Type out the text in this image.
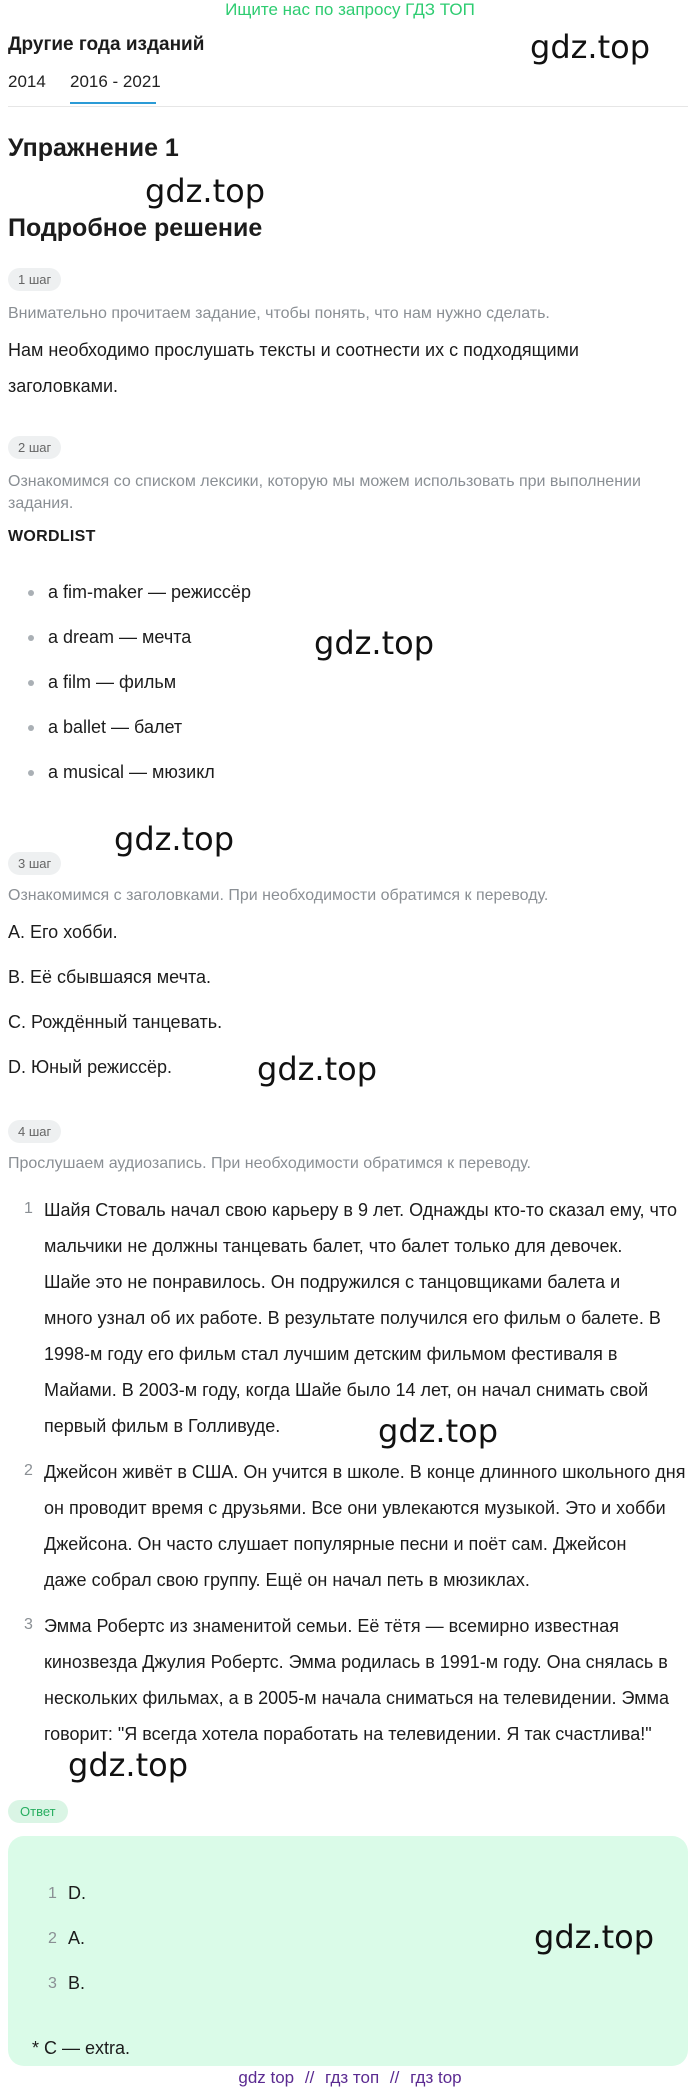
Ищите нас по запросу ГДЗ ТОП
Другие года изданий
2014 2016 - 2021
Упражнение 1
Подробное решение
1 шаг
Внимательно прочитаем задание, чтобы понять, что нам нужно сделать.
Нам необходимо прослушать тексты и соотнести их с подходящими
заголовками.
2 шаг
Ознакомимся со списком лексики, которую мы можем использовать при выполнении
задания.
WORDLIST
a fim-maker — режиссёр
a dream — мечта
a film — фильм
a ballet — балет
a musical — мюзикл
3 шаг
Ознакомимся с заголовками. При необходимости обратимся к переводу.
A. Его хобби.
B. Её сбывшаяся мечта.
C. Рождённый танцевать.
D. Юный режиссёр.
4 шаг
Прослушаем аудиозапись. При необходимости обратимся к переводу.
1 Шайя Стоваль начал свою карьеру в 9 лет. Однажды кто-то сказал ему, что
мальчики не должны танцевать балет, что балет только для девочек.
Шайе это не понравилось. Он подружился с танцовщиками балета и
много узнал об их работе. В результате получился его фильм о балете. В
1998-м году его фильм стал лучшим детским фильмом фестиваля в
Майами. В 2003-м году, когда Шайе было 14 лет, он начал снимать свой
первый фильм в Голливуде.
2 Джейсон живёт в США. Он учится в школе. В конце длинного школьного дня
он проводит время с друзьями. Все они увлекаются музыкой. Это и хобби
Джейсона. Он часто слушает популярные песни и поёт сам. Джейсон
даже собрал свою группу. Ещё он начал петь в мюзиклах.
3 Эмма Робертс из знаменитой семьи. Её тётя — всемирно известная
кинозвезда Джулия Робертс. Эмма родилась в 1991-м году. Она снялась в
нескольких фильмах, а в 2005-м начала сниматься на телевидении. Эмма
говорит: "Я всегда хотела поработать на телевидении. Я так счастлива!"
Ответ
1 D.
2 A.
3 B.
* C — extra.
gdz.top
gdz.top
gdz.top
gdz.top
gdz.top
gdz.top
gdz.top
gdz.top
gdz top // гдз топ // гдз top
